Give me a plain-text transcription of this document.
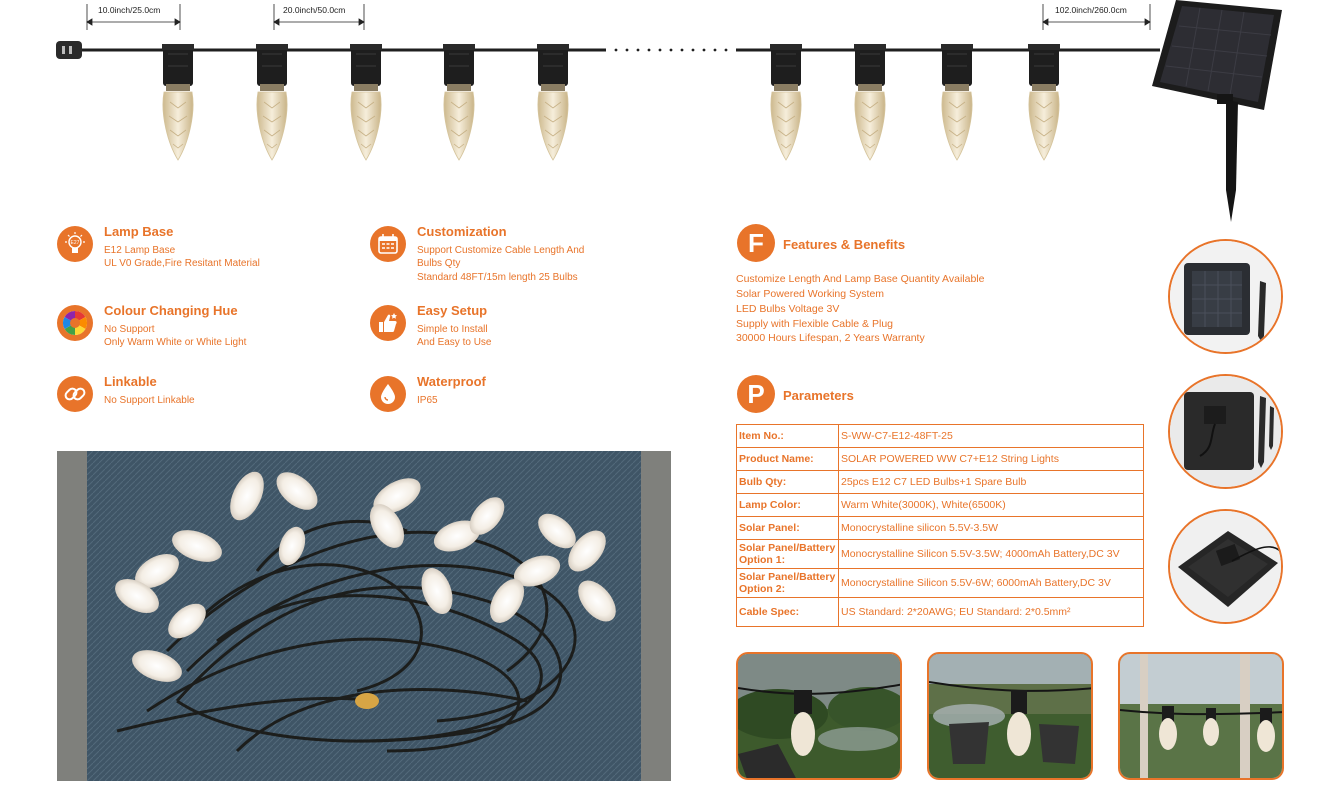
10.0inch/25.0cm	20.0inch/50.0cm	102.0inch/260.0cm
E27
Lamp Base
E12 Lamp Base
UL V0 Grade,Fire Resitant Material
Colour Changing Hue
No Support
Only Warm White or White Light
Linkable
No Support Linkable
Customization
Support Customize Cable Length And
Bulbs Qty
Standard 48FT/15m length 25 Bulbs
Easy Setup
Simple to Install
And Easy to Use
Waterproof
IP65
F	Features & Benefits
Customize Length And Lamp Base Quantity Available
Solar Powered Working System
LED Bulbs Voltage 3V
Supply with Flexible Cable & Plug
30000 Hours Lifespan, 2 Years Warranty
P	Parameters
Item No.:	S-WW-C7-E12-48FT-25
Product Name:	SOLAR POWERED WW C7+E12 String Lights
Bulb Qty:	25pcs E12 C7 LED Bulbs+1 Spare Bulb
Lamp Color:	Warm White(3000K), White(6500K)
Solar Panel:	Monocrystalline silicon 5.5V-3.5W
Solar Panel/Battery Option 1:	Monocrystalline Silicon 5.5V-3.5W; 4000mAh Battery,DC 3V
Solar Panel/Battery Option 2:	Monocrystalline Silicon 5.5V-6W; 6000mAh Battery,DC 3V
Cable Spec:	US Standard: 2*20AWG; EU Standard: 2*0.5mm²
